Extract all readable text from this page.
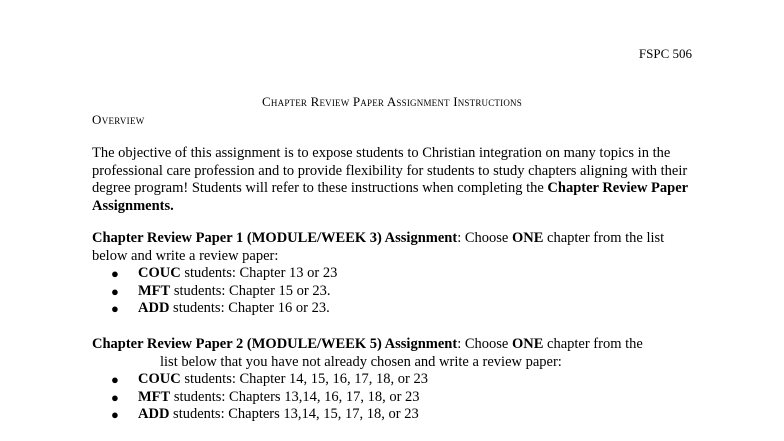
FSPC 506
Chapter Review Paper Assignment Instructions
Overview
The objective of this assignment is to expose students to Christian integration on many topics in the professional care profession and to provide flexibility for students to study chapters aligning with their degree program! Students will refer to these instructions when completing the Chapter Review Paper Assignments.
Chapter Review Paper 1 (MODULE/WEEK 3) Assignment: Choose ONE chapter from the list below and write a review paper:
● COUC students: Chapter 13 or 23
● MFT students: Chapter 15 or 23.
● ADD students: Chapter 16 or 23.
Chapter Review Paper 2 (MODULE/WEEK 5) Assignment: Choose ONE chapter from the
list below that you have not already chosen and write a review paper:
● COUC students: Chapter 14, 15, 16, 17, 18, or 23
● MFT students: Chapters 13,14, 16, 17, 18, or 23
● ADD students: Chapters 13,14, 15, 17, 18, or 23
